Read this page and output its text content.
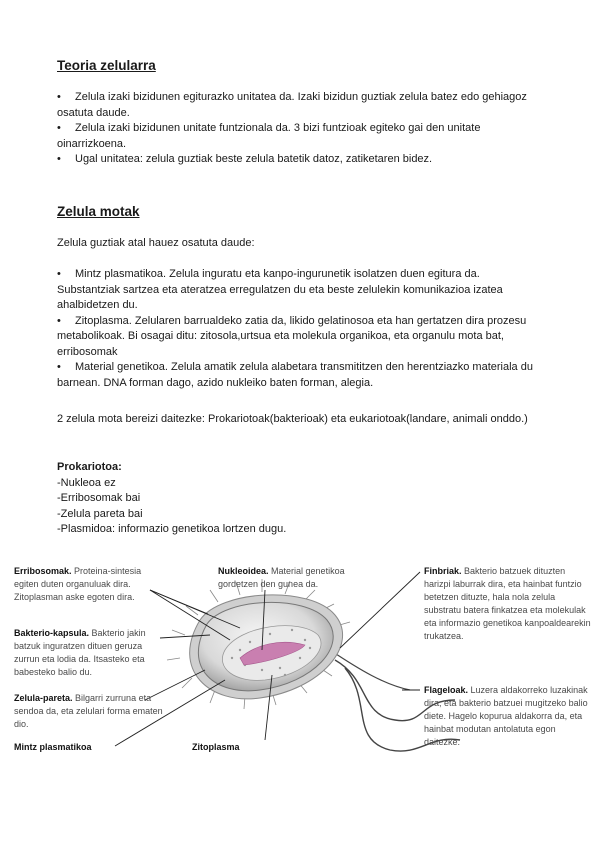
Teoria zelularra
• Zelula izaki bizidunen egiturazko unitatea da. Izaki bizidun guztiak zelula batez edo gehiagoz osatuta daude.
• Zelula izaki bizidunen unitate funtzionala da. 3 bizi funtzioak egiteko gai den unitate oinarrizkoena.
• Ugal unitatea: zelula guztiak beste zelula batetik datoz, zatiketaren bidez.
Zelula motak
Zelula guztiak atal hauez osatuta daude:
• Mintz plasmatikoa. Zelula inguratu eta kanpo-ingurunetik isolatzen duen egitura da. Substantziak sartzea eta ateratzea erregulatzen du eta beste zelulekin komunikazioa izatea ahalbidetzen du.
• Zitoplasma. Zelularen barrualdeko zatia da, likido gelatinosoa eta han gertatzen dira prozesu metabolikoak. Bi osagai ditu: zitosola,urtsua eta molekula organikoa, eta organulu mota bat, erribosomak
• Material genetikoa. Zelula amatik zelula alabetara transmititzen den herentziazko materiala du barnean. DNA forman dago, azido nukleiko baten forman, alegia.
2 zelula mota bereizi daitezke: Prokariotoak(bakterioak) eta eukariotoak(landare, animali onddo.)
Prokariotoa:
-Nukleoa ez
-Erribosomak bai
-Zelula pareta bai
-Plasmidoa: informazio genetikoa lortzen dugu.
Erribosomak. Proteina-sintesia egiten duten organuluak dira. Zitoplasman aske egoten dira.
Bakterio-kapsula. Bakterio jakin batzuk inguratzen dituen geruza zurrun eta lodia da. Itsasteko eta babesteko balio du.
Zelula-pareta. Bilgarri zurruna eta sendoa da, eta zelulari forma ematen dio.
Mintz plasmatikoa
Nukleoidea. Material genetikoa gordetzen den gunea da.
Zitoplasma
Finbriak. Bakterio batzuek dituzten harizpi laburrak dira, eta hainbat funtzio betetzen dituzte, hala nola zelula substratu batera finkatzea eta molekulak eta informazio genetikoa kanpoaldearekin trukatzea.
Flageloak. Luzera aldakorreko luzakinak dira, eta bakterio batzuei mugitzeko balio diete. Hagelo kopurua aldakorra da, eta hainbat modutan antolatuta egon daitezke.
